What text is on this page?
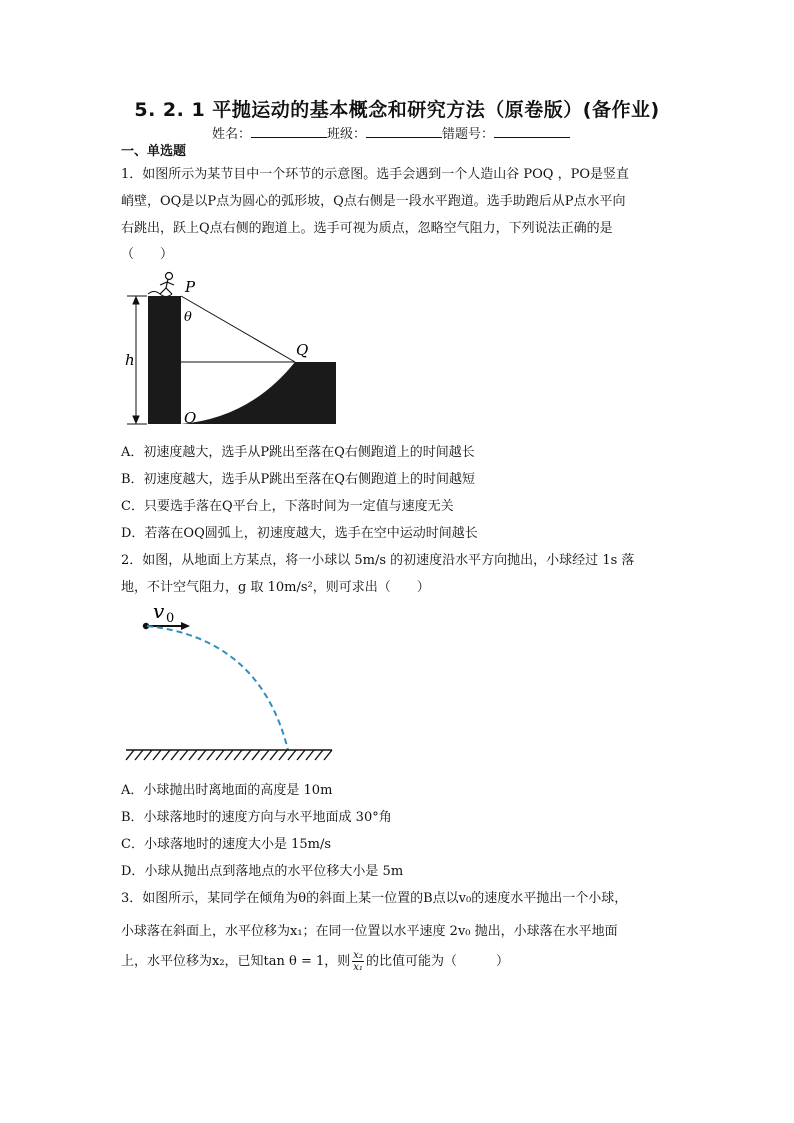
5. 2. 1 平抛运动的基本概念和研究方法（原卷版）(备作业)
姓名：	班级：	错题号：
一、单选题
1．如图所示为某节目中一个环节的示意图。选手会遇到一个人造山谷 POQ ，PO是竖直
峭壁，OQ是以P点为圆心的弧形坡，Q点右侧是一段水平跑道。选手助跑后从P点水平向
右跳出，跃上Q点右侧的跑道上。选手可视为质点，忽略空气阻力，下列说法正确的是
（　　）
P
θ
Q
h
O
A．初速度越大，选手从P跳出至落在Q右侧跑道上的时间越长
B．初速度越大，选手从P跳出至落在Q右侧跑道上的时间越短
C．只要选手落在Q平台上，下落时间为一定值与速度无关
D．若落在OQ圆弧上，初速度越大，选手在空中运动时间越长
2．如图，从地面上方某点，将一小球以 5m/s 的初速度沿水平方向抛出，小球经过 1s 落
地，不计空气阻力，g 取 10m/s²，则可求出（　　）
v 0
A．小球抛出时离地面的高度是 10m
B．小球落地时的速度方向与水平地面成 30°角
C．小球落地时的速度大小是 15m/s
D．小球从抛出点到落地点的水平位移大小是 5m
3．如图所示，某同学在倾角为θ的斜面上某一位置的B点以v₀的速度水平抛出一个小球，
小球落在斜面上，水平位移为x₁；在同一位置以水平速度 2v₀ 抛出，小球落在水平地面
上，水平位移为x₂，已知tan θ = 1，则 $\frac{\text{x₂}}{\text{x₁}}$ 的比值可能为（　　　）
